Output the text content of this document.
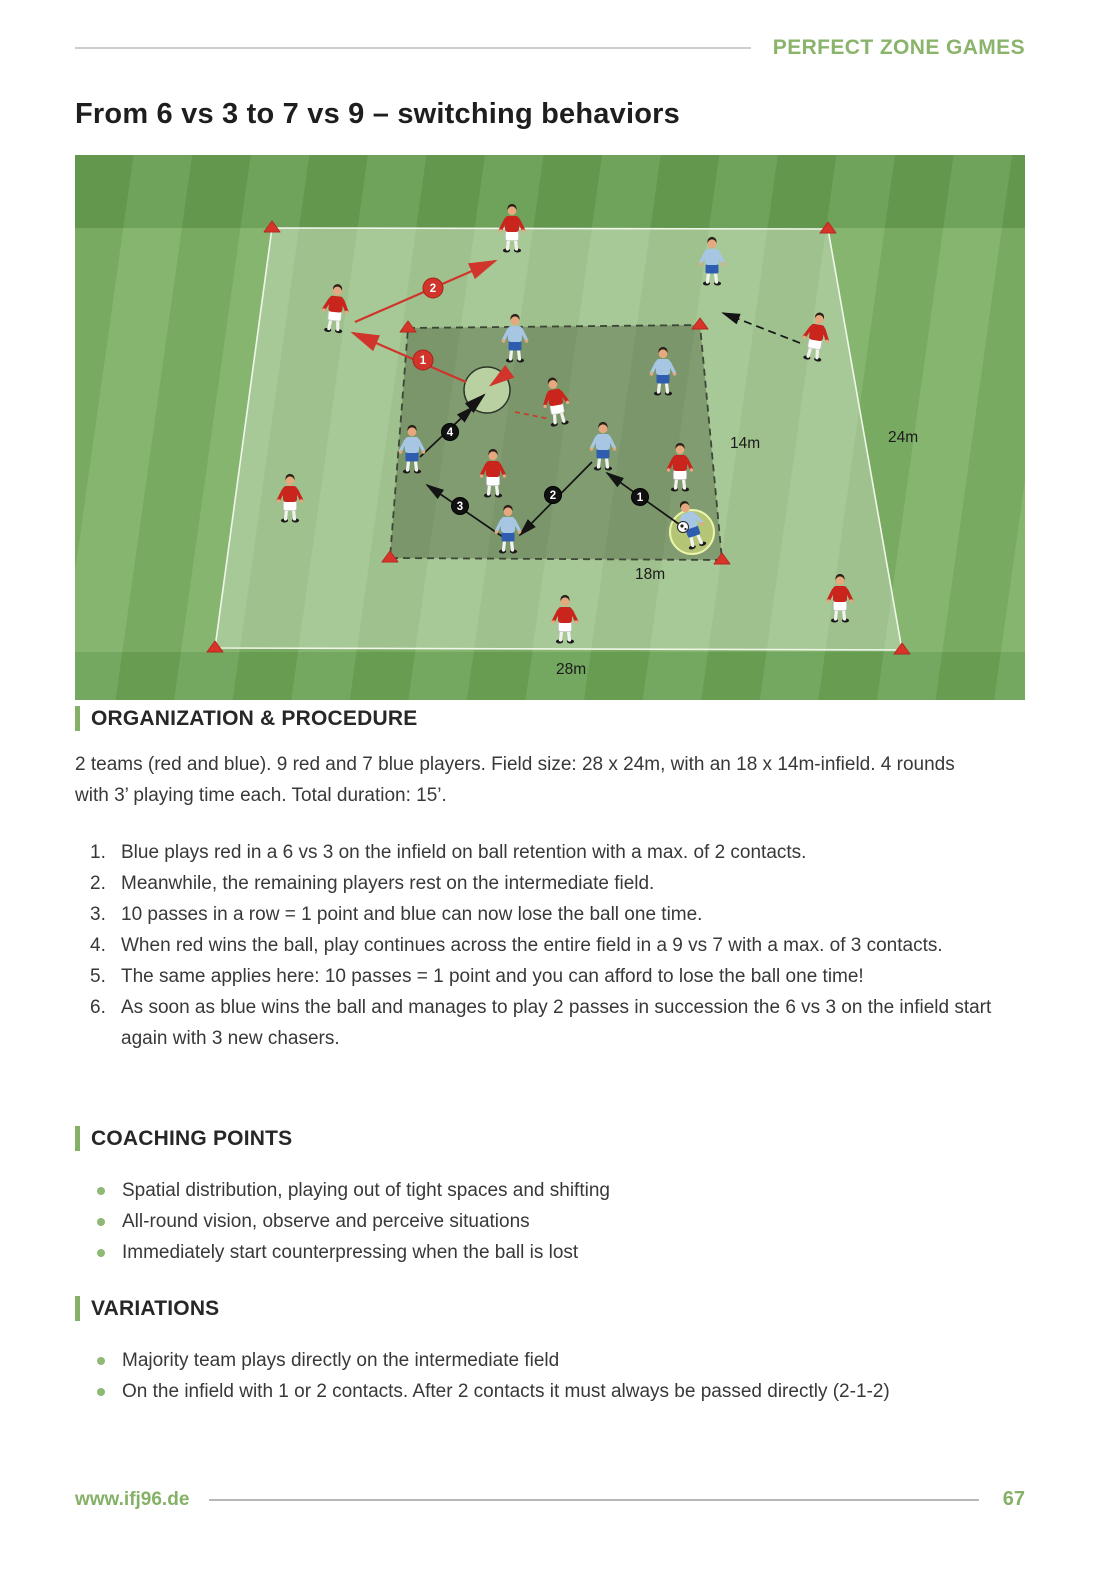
PERFECT ZONE GAMES
From 6 vs 3 to 7 vs 9 – switching behaviors
1
2
3
4
1
2
14m	24m
18m
28m
ORGANIZATION & PROCEDURE

2 teams (red and blue). 9 red and 7 blue players. Field size: 28 x 24m, with an 18 x 14m-infield. 4 rounds with 3’ playing time each. Total duration: 15’.

Blue plays red in a 6 vs 3 on the infield on ball retention with a max. of 2 contacts.
Meanwhile, the remaining players rest on the intermediate field.
10 passes in a row = 1 point and blue can now lose the ball one time.
When red wins the ball, play continues across the entire field in a 9 vs 7 with a max. of 3 contacts.
The same applies here: 10 passes = 1 point and you can afford to lose the ball one time!
As soon as blue wins the ball and manages to play 2 passes in succession the 6 vs 3 on the infield start again with 3 new chasers.
COACHING POINTS
Spatial distribution, playing out of tight spaces and shifting
All-round vision, observe and perceive situations
Immediately start counterpressing when the ball is lost
VARIATIONS
Majority team plays directly on the intermediate field
On the infield with 1 or 2 contacts. After 2 contacts it must always be passed directly (2-1-2)
www.ifj96.de	67
